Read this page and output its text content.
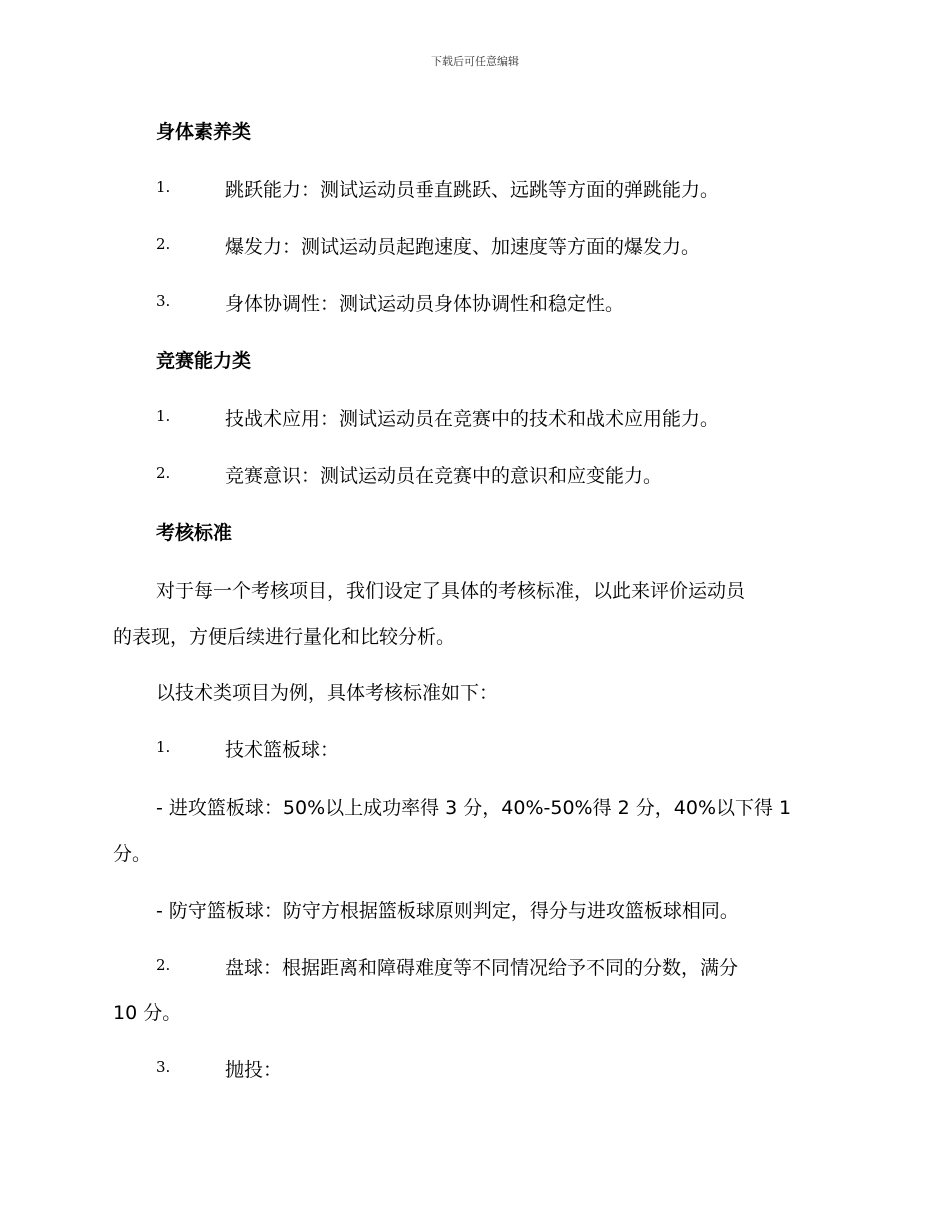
下载后可任意编辑
身体素养类
1.	跳跃能力：测试运动员垂直跳跃、远跳等方面的弹跳能力。
2.	爆发力：测试运动员起跑速度、加速度等方面的爆发力。
3.	身体协调性：测试运动员身体协调性和稳定性。
竞赛能力类
1.	技战术应用：测试运动员在竞赛中的技术和战术应用能力。
2.	竞赛意识：测试运动员在竞赛中的意识和应变能力。
考核标准
对于每一个考核项目，我们设定了具体的考核标准，以此来评价运动员
的表现，方便后续进行量化和比较分析。
以技术类项目为例，具体考核标准如下：
1.	技术篮板球：
- 进攻篮板球：50%以上成功率得 3 分，40%-50%得 2 分，40%以下得 1
分。
- 防守篮板球：防守方根据篮板球原则判定，得分与进攻篮板球相同。
2.	盘球：根据距离和障碍难度等不同情况给予不同的分数，满分
10 分。
3.	抛投：
